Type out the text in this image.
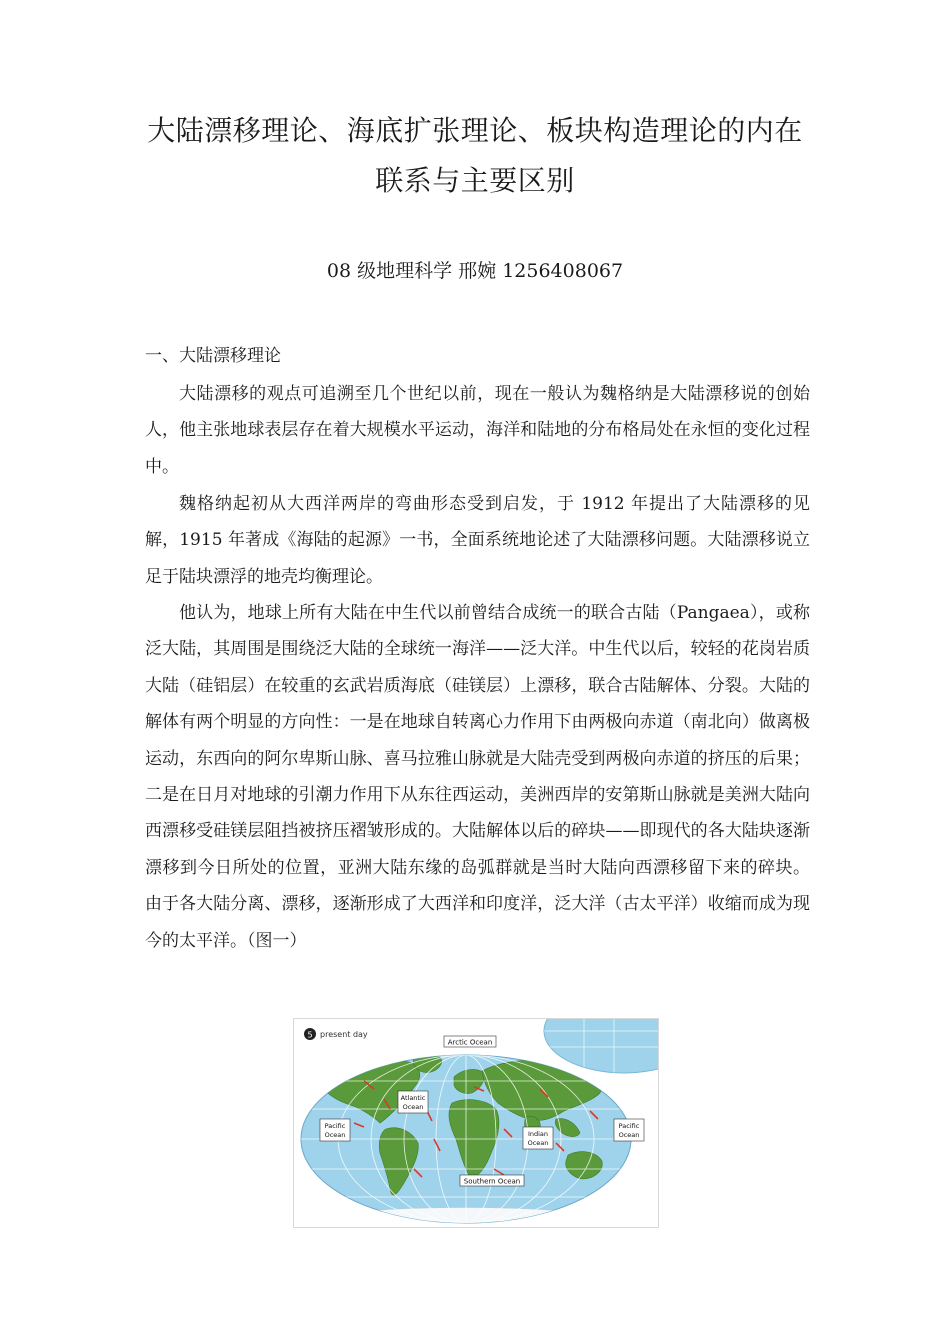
大陆漂移理论、海底扩张理论、板块构造理论的内在
联系与主要区别
08 级地理科学 邢婉 1256408067
一、大陆漂移理论

大陆漂移的观点可追溯至几个世纪以前，现在一般认为魏格纳是大陆漂移说的创始人，他主张地球表层存在着大规模水平运动，海洋和陆地的分布格局处在永恒的变化过程中。

魏格纳起初从大西洋两岸的弯曲形态受到启发，于 1912 年提出了大陆漂移的见解，1915 年著成《海陆的起源》一书，全面系统地论述了大陆漂移问题。大陆漂移说立足于陆块漂浮的地壳均衡理论。

他认为，地球上所有大陆在中生代以前曾结合成统一的联合古陆（Pangaea），或称泛大陆，其周围是围绕泛大陆的全球统一海洋——泛大洋。中生代以后，较轻的花岗岩质大陆（硅铝层）在较重的玄武岩质海底（硅镁层）上漂移，联合古陆解体、分裂。大陆的解体有两个明显的方向性：一是在地球自转离心力作用下由两极向赤道（南北向）做离极运动，东西向的阿尔卑斯山脉、喜马拉雅山脉就是大陆壳受到两极向赤道的挤压的后果；二是在日月对地球的引潮力作用下从东往西运动，美洲西岸的安第斯山脉就是美洲大陆向西漂移受硅镁层阻挡被挤压褶皱形成的。大陆解体以后的碎块——即现代的各大陆块逐渐漂移到今日所处的位置，亚洲大陆东缘的岛弧群就是当时大陆向西漂移留下来的碎块。 由于各大陆分离、漂移，逐渐形成了大西洋和印度洋，泛大洋（古太平洋）收缩而成为现今的太平洋。（图一）

5 present day
Arctic Ocean
Atlantic
Ocean
Pacific
Ocean	Indian
Ocean
Pacific
Ocean
Southern Ocean
